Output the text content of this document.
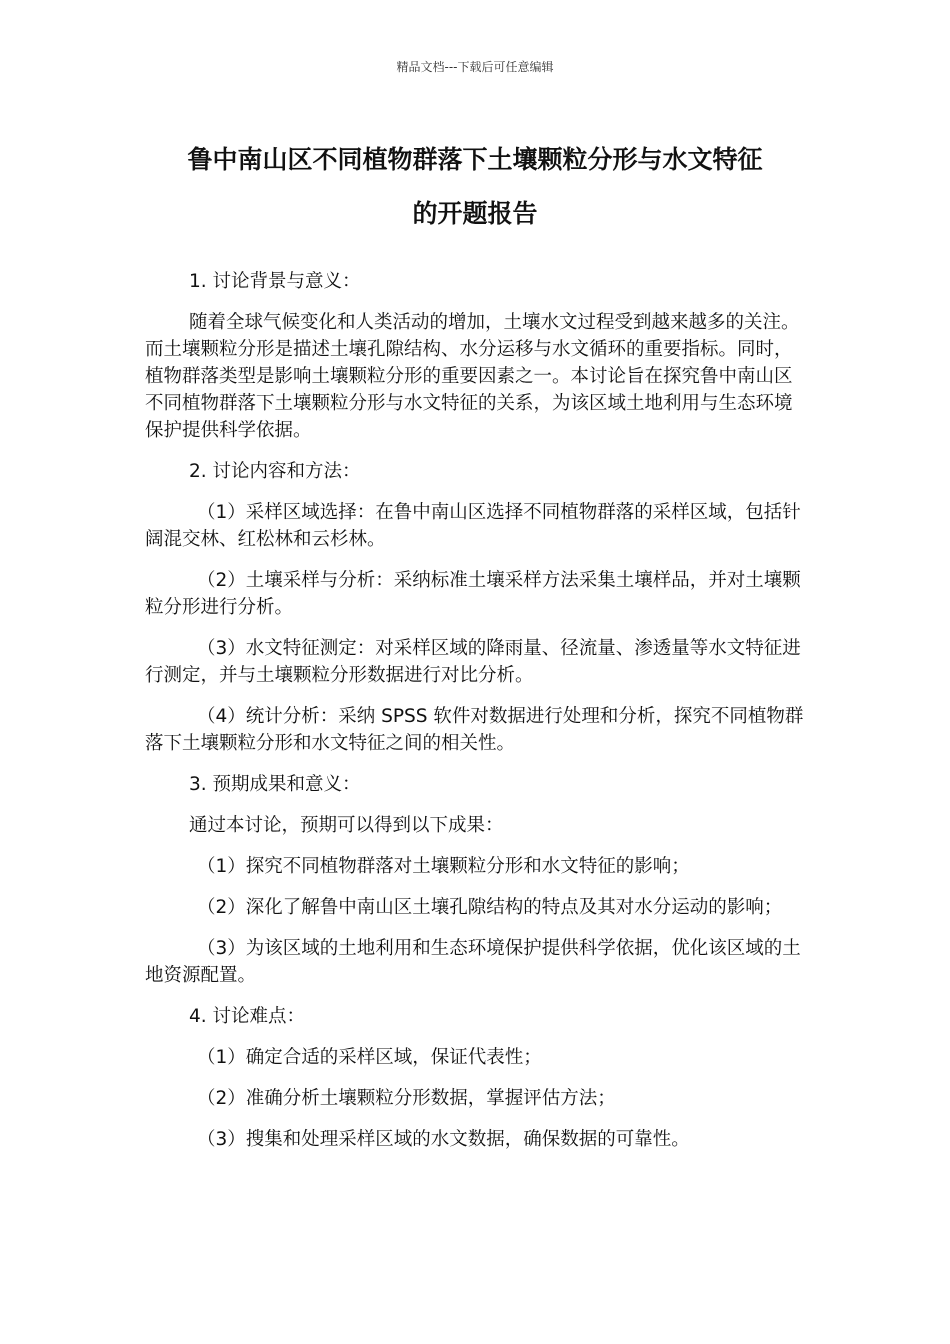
精品文档---下载后可任意编辑
鲁中南山区不同植物群落下土壤颗粒分形与水文特征
的开题报告

1. 讨论背景与意义：

随着全球气候变化和人类活动的增加，土壤水文过程受到越来越多的关注。而土壤颗粒分形是描述土壤孔隙结构、水分运移与水文循环的重要指标。同时，植物群落类型是影响土壤颗粒分形的重要因素之一。本讨论旨在探究鲁中南山区不同植物群落下土壤颗粒分形与水文特征的关系，为该区域土地利用与生态环境保护提供科学依据。

2. 讨论内容和方法：

（1）采样区域选择：在鲁中南山区选择不同植物群落的采样区域，包括针阔混交林、红松林和云杉林。

（2）土壤采样与分析：采纳标准土壤采样方法采集土壤样品，并对土壤颗粒分形进行分析。

（3）水文特征测定：对采样区域的降雨量、径流量、渗透量等水文特征进行测定，并与土壤颗粒分形数据进行对比分析。

（4）统计分析：采纳 SPSS 软件对数据进行处理和分析，探究不同植物群落下土壤颗粒分形和水文特征之间的相关性。

3. 预期成果和意义：

通过本讨论，预期可以得到以下成果：

（1）探究不同植物群落对土壤颗粒分形和水文特征的影响；

（2）深化了解鲁中南山区土壤孔隙结构的特点及其对水分运动的影响；

（3）为该区域的土地利用和生态环境保护提供科学依据，优化该区域的土地资源配置。

4. 讨论难点：

（1）确定合适的采样区域，保证代表性；

（2）准确分析土壤颗粒分形数据，掌握评估方法；

（3）搜集和处理采样区域的水文数据，确保数据的可靠性。
